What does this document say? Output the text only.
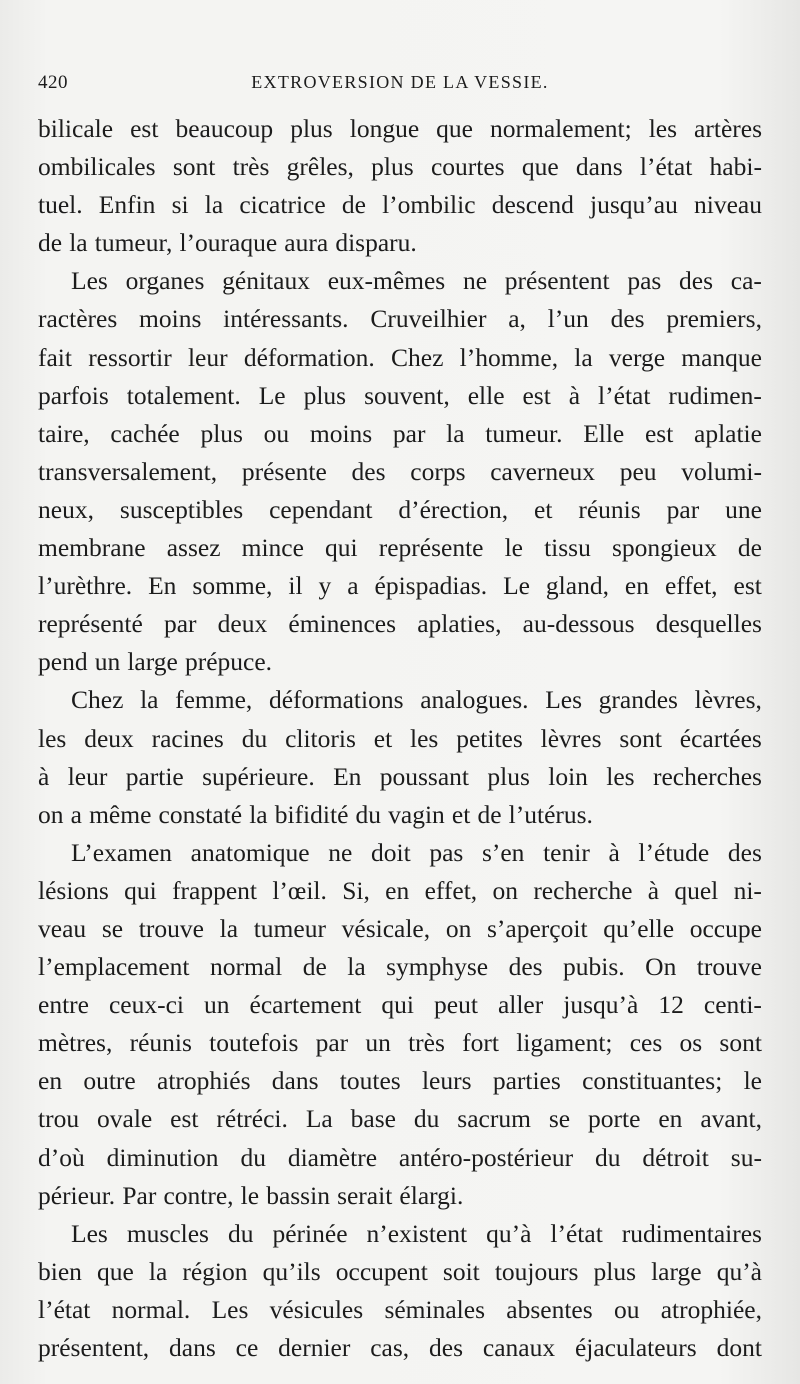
420	EXTROVERSION DE LA VESSIE.
bilicale est beaucoup plus longue que normalement; les artères
ombilicales sont très grêles, plus courtes que dans l’état habi-
tuel. Enfin si la cicatrice de l’ombilic descend jusqu’au niveau
de la tumeur, l’ouraque aura disparu.
Les organes génitaux eux-mêmes ne présentent pas des ca-
ractères moins intéressants. Cruveilhier a, l’un des premiers,
fait ressortir leur déformation. Chez l’homme, la verge manque
parfois totalement. Le plus souvent, elle est à l’état rudimen-
taire, cachée plus ou moins par la tumeur. Elle est aplatie
transversalement, présente des corps caverneux peu volumi-
neux, susceptibles cependant d’érection, et réunis par une
membrane assez mince qui représente le tissu spongieux de
l’urèthre. En somme, il y a épispadias. Le gland, en effet, est
représenté par deux éminences aplaties, au-dessous desquelles
pend un large prépuce.
Chez la femme, déformations analogues. Les grandes lèvres,
les deux racines du clitoris et les petites lèvres sont écartées
à leur partie supérieure. En poussant plus loin les recherches
on a même constaté la bifidité du vagin et de l’utérus.
L’examen anatomique ne doit pas s’en tenir à l’étude des
lésions qui frappent l’œil. Si, en effet, on recherche à quel ni-
veau se trouve la tumeur vésicale, on s’aperçoit qu’elle occupe
l’emplacement normal de la symphyse des pubis. On trouve
entre ceux-ci un écartement qui peut aller jusqu’à 12 centi-
mètres, réunis toutefois par un très fort ligament; ces os sont
en outre atrophiés dans toutes leurs parties constituantes; le
trou ovale est rétréci. La base du sacrum se porte en avant,
d’où diminution du diamètre antéro-postérieur du détroit su-
périeur. Par contre, le bassin serait élargi.
Les muscles du périnée n’existent qu’à l’état rudimentaires
bien que la région qu’ils occupent soit toujours plus large qu’à
l’état normal. Les vésicules séminales absentes ou atrophiée,
présentent, dans ce dernier cas, des canaux éjaculateurs dont
